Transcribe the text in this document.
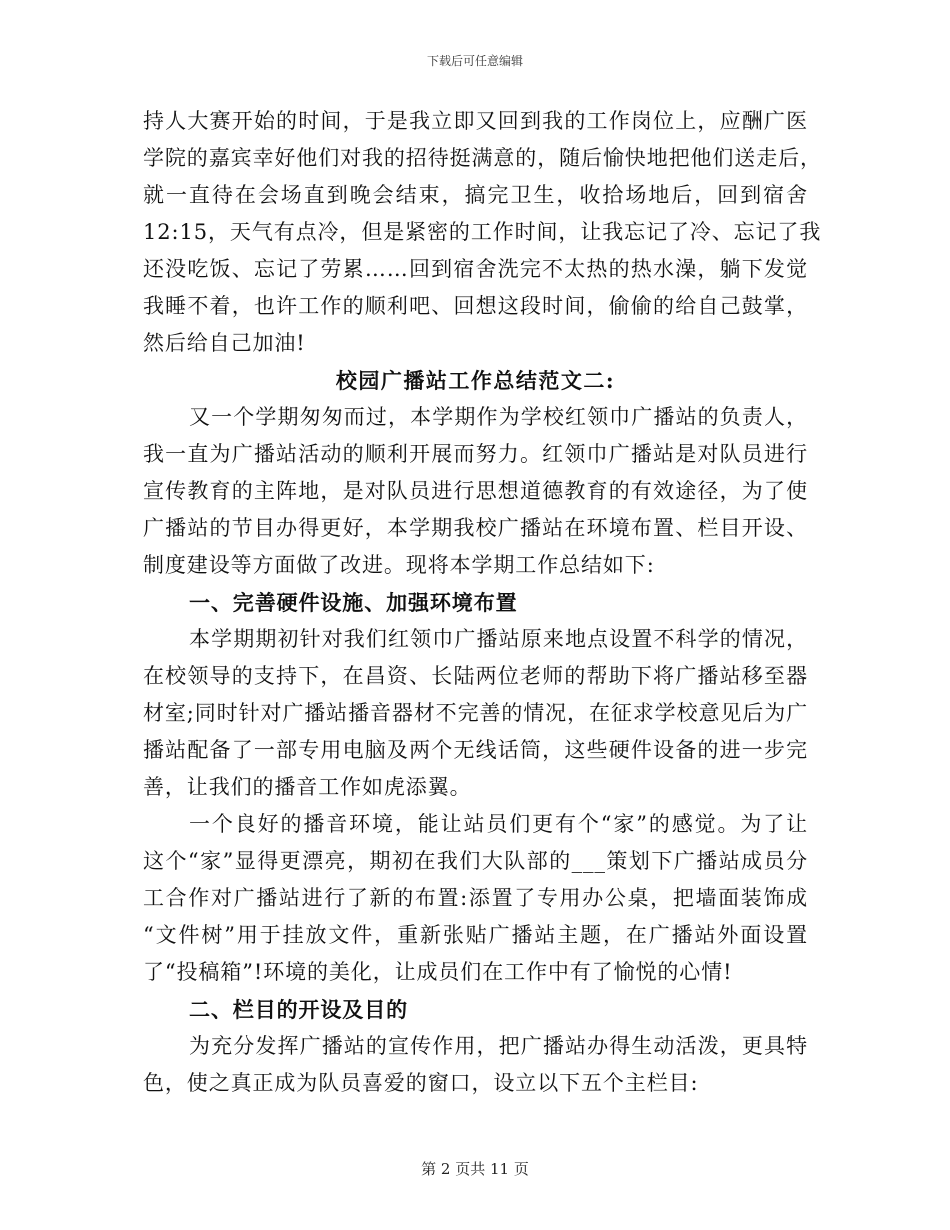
下载后可任意编辑
持人大赛开始的时间，于是我立即又回到我的工作岗位上，应酬广医
学院的嘉宾幸好他们对我的招待挺满意的，随后愉快地把他们送走后，
就一直待在会场直到晚会结束，搞完卫生，收拾场地后，回到宿舍
12:15，天气有点冷，但是紧密的工作时间，让我忘记了冷、忘记了我
还没吃饭、忘记了劳累……回到宿舍洗完不太热的热水澡，躺下发觉
我睡不着，也许工作的顺利吧、回想这段时间，偷偷的给自己鼓掌，
然后给自己加油!
校园广播站工作总结范文二:
又一个学期匆匆而过，本学期作为学校红领巾广播站的负责人，
我一直为广播站活动的顺利开展而努力。红领巾广播站是对队员进行
宣传教育的主阵地，是对队员进行思想道德教育的有效途径，为了使
广播站的节目办得更好，本学期我校广播站在环境布置、栏目开设、
制度建设等方面做了改进。现将本学期工作总结如下:
一、完善硬件设施、加强环境布置
本学期期初针对我们红领巾广播站原来地点设置不科学的情况，
在校领导的支持下，在昌资、长陆两位老师的帮助下将广播站移至器
材室;同时针对广播站播音器材不完善的情况，在征求学校意见后为广
播站配备了一部专用电脑及两个无线话筒，这些硬件设备的进一步完
善，让我们的播音工作如虎添翼。
一个良好的播音环境，能让站员们更有个“家”的感觉。为了让
这个“家”显得更漂亮，期初在我们大队部的___策划下广播站成员分
工合作对广播站进行了新的布置:添置了专用办公桌，把墙面装饰成
“文件树”用于挂放文件，重新张贴广播站主题，在广播站外面设置
了“投稿箱”!环境的美化，让成员们在工作中有了愉悦的心情!
二、栏目的开设及目的
为充分发挥广播站的宣传作用，把广播站办得生动活泼，更具特
色，使之真正成为队员喜爱的窗口，设立以下五个主栏目:
第 2 页共 11 页
